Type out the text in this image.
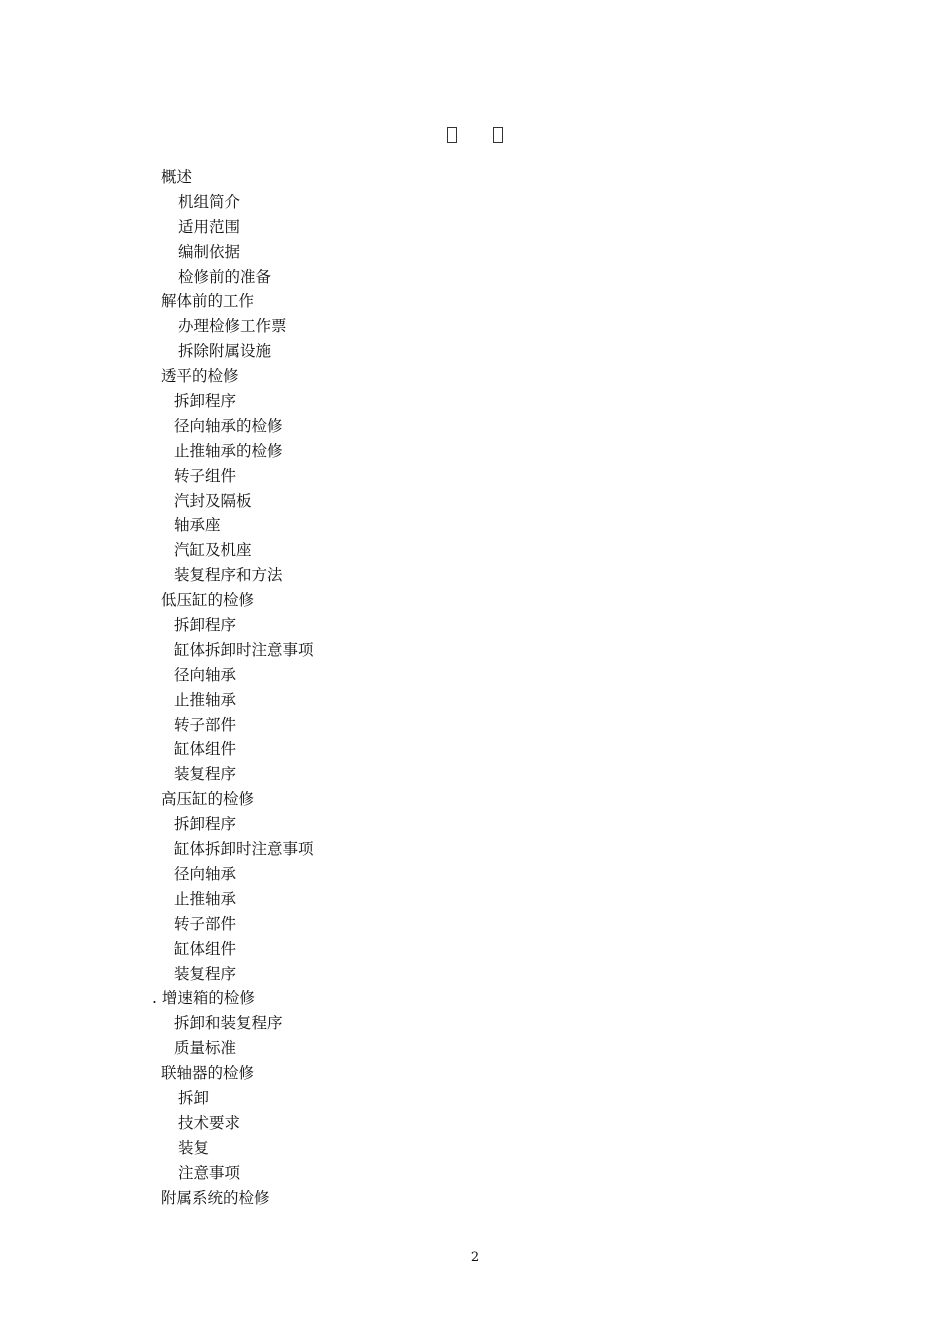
概述
机组简介
适用范围
编制依据
检修前的准备
解体前的工作
办理检修工作票
拆除附属设施
透平的检修
拆卸程序
径向轴承的检修
止推轴承的检修
转子组件
汽封及隔板
轴承座
汽缸及机座
装复程序和方法
低压缸的检修
拆卸程序
缸体拆卸时注意事项
径向轴承
止推轴承
转子部件
缸体组件
装复程序
高压缸的检修
拆卸程序
缸体拆卸时注意事项
径向轴承
止推轴承
转子部件
缸体组件
装复程序
. 增速箱的检修
拆卸和装复程序
质量标准
联轴器的检修
拆卸
技术要求
装复
注意事项
附属系统的检修
2
